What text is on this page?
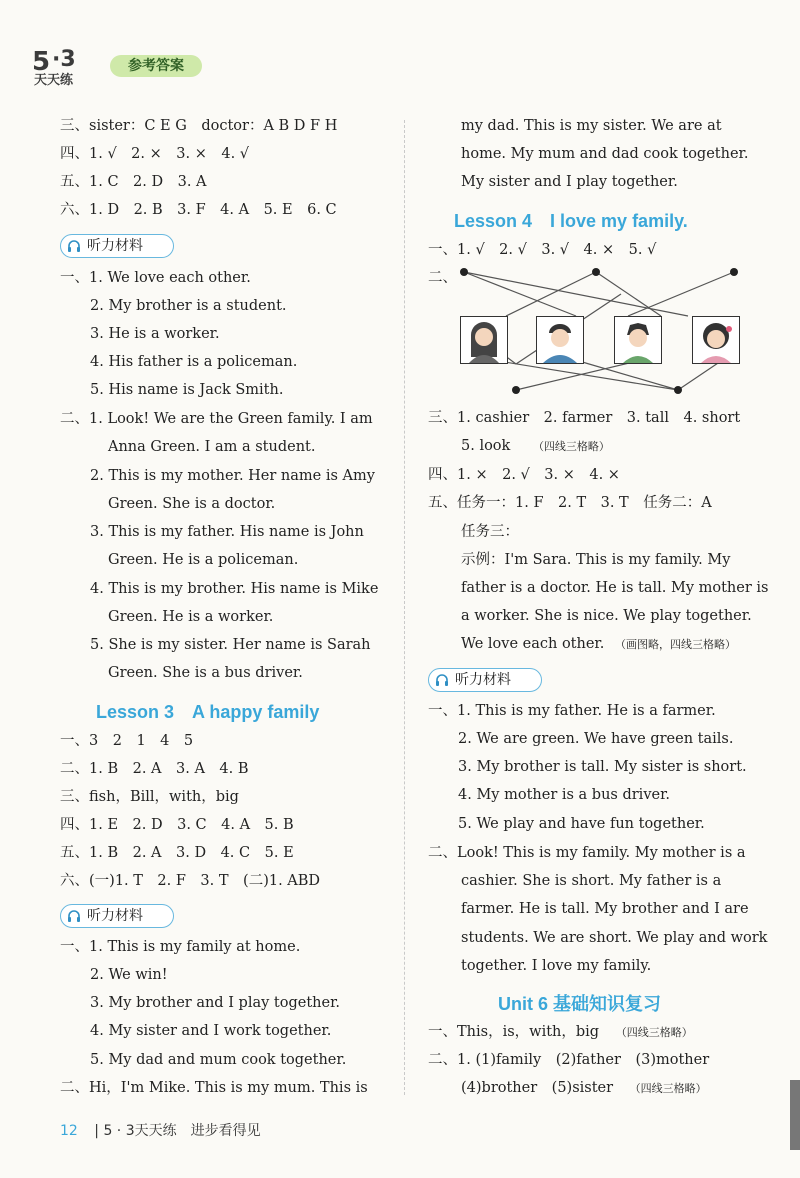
5 ·3
天天练
参考答案
三、sister：C E G　doctor：A B D F H
四、1. √　2. ×　3. ×　4. √
五、1. C　2. D　3. A
六、1. D　2. B　3. F　4. A　5. E　6. C
听力材料
一、1. We love each other.
2. My brother is a student.
3. He is a worker.
4. His father is a policeman.
5. His name is Jack Smith.
二、1. Look! We are the Green family. I am
Anna Green. I am a student.
2. This is my mother. Her name is Amy
Green. She is a doctor.
3. This is my father. His name is John
Green. He is a policeman.
4. This is my brother. His name is Mike
Green. He is a worker.
5. She is my sister. Her name is Sarah
Green. She is a bus driver.
Lesson 3　A happy family
一、3　2　1　4　5
二、1. B　2. A　3. A　4. B
三、fish，Bill，with，big
四、1. E　2. D　3. C　4. A　5. B
五、1. B　2. A　3. D　4. C　5. E
六、(一)1. T　2. F　3. T　(二)1. ABD
听力材料
一、1. This is my family at home.
2. We win!
3. My brother and I play together.
4. My sister and I work together.
5. My dad and mum cook together.
二、Hi，I'm Mike. This is my mum. This is
my dad. This is my sister. We are at
home. My mum and dad cook together.
My sister and I play together.
Lesson 4　I love my family.
一、1. √　2. √　3. √　4. ×　5. √
二、
三、1. cashier　2. farmer　3. tall　4. short
5. look （四线三格略）
四、1. ×　2. √　3. ×　4. ×
五、任务一：1. F　2. T　3. T　任务二：A
任务三：
示例：I'm Sara. This is my family. My
father is a doctor. He is tall. My mother is
a worker. She is nice. We play together.
We love each other. （画图略，四线三格略）
听力材料
一、1. This is my father. He is a farmer.
2. We are green. We have green tails.
3. My brother is tall. My sister is short.
4. My mother is a bus driver.
5. We play and have fun together.
二、Look! This is my family. My mother is a
cashier. She is short. My father is a
farmer. He is tall. My brother and I are
students. We are short. We play and work
together. I love my family.
Unit 6 基础知识复习
一、This，is，with，big （四线三格略）
二、1. (1)family　(2)father　(3)mother
(4)brother　(5)sister （四线三格略）
12 | 5 · 3天天练　进步看得见
